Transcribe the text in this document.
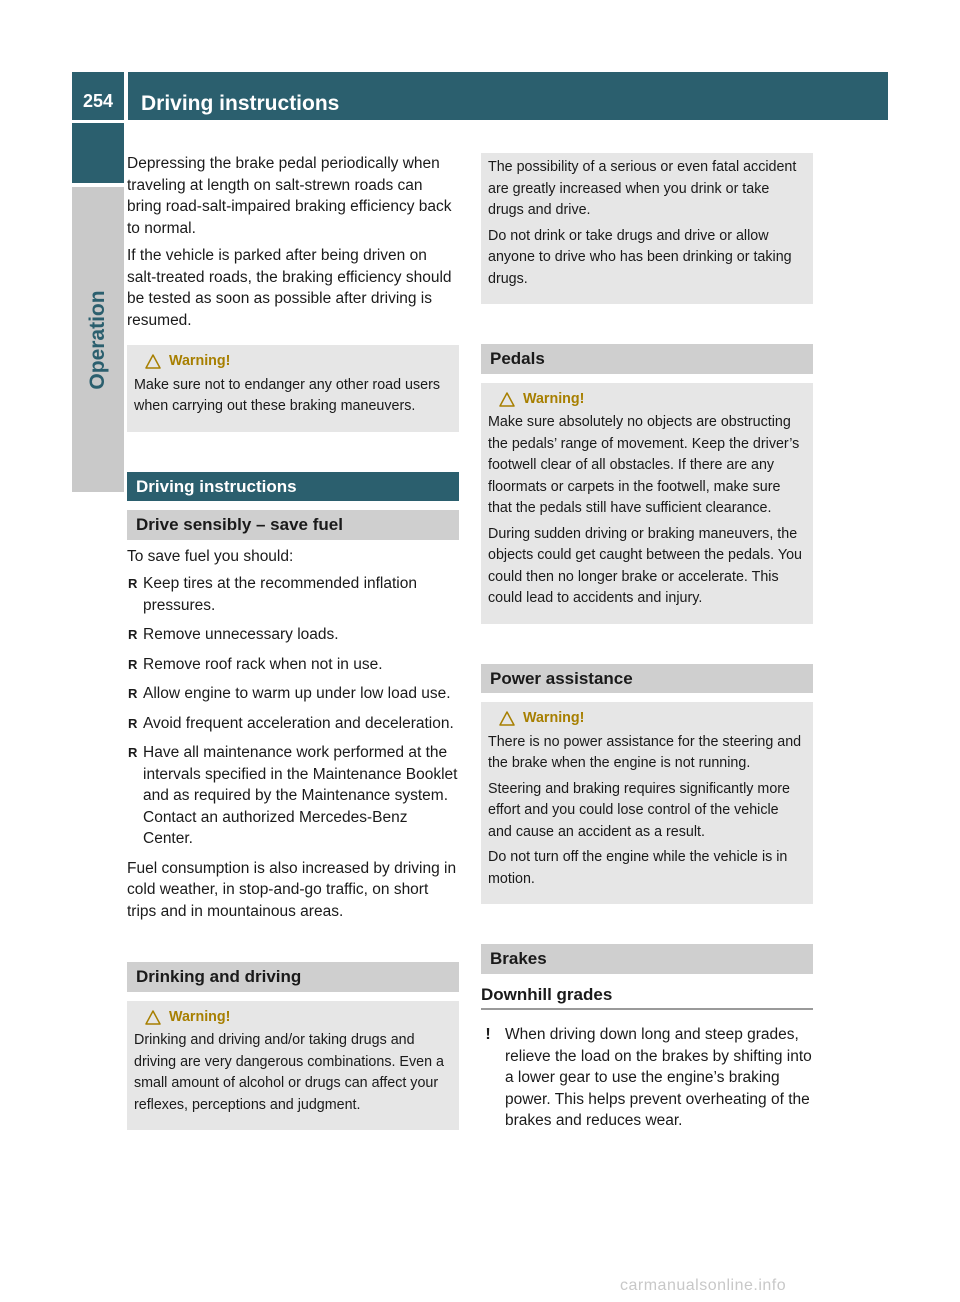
254	Driving instructions
Operation

Depressing the brake pedal periodically when traveling at length on salt-strewn roads can bring road-salt-impaired braking efficiency back to normal.

If the vehicle is parked after being driven on salt-treated roads, the braking efficiency should be tested as soon as possible after driving is resumed.

Warning!

Make sure not to endanger any other road users when carrying out these braking maneuvers.

Driving instructions
Drive sensibly – save fuel

To save fuel you should:

R Keep tires at the recommended inflation pressures.
R Remove unnecessary loads.
R Remove roof rack when not in use.
R Allow engine to warm up under low load use.
R Avoid frequent acceleration and deceleration.
R Have all maintenance work performed at the intervals specified in the Maintenance Booklet and as required by the Maintenance system. Contact an authorized Mercedes-Benz Center.

Fuel consumption is also increased by driving in cold weather, in stop-and-go traffic, on short trips and in mountainous areas.

Drinking and driving
Warning!

Drinking and driving and/or taking drugs and driving are very dangerous combinations. Even a small amount of alcohol or drugs can affect your reflexes, perceptions and judgment.

The possibility of a serious or even fatal accident are greatly increased when you drink or take drugs and drive.

Do not drink or take drugs and drive or allow anyone to drive who has been drinking or taking drugs.

Pedals
Warning!

Make sure absolutely no objects are obstructing the pedals’ range of movement. Keep the driver’s footwell clear of all obstacles. If there are any floormats or carpets in the footwell, make sure that the pedals still have sufficient clearance.

During sudden driving or braking maneuvers, the objects could get caught between the pedals. You could then no longer brake or accelerate. This could lead to accidents and injury.

Power assistance
Warning!

There is no power assistance for the steering and the brake when the engine is not running.

Steering and braking requires significantly more effort and you could lose control of the vehicle and cause an accident as a result.

Do not turn off the engine while the vehicle is in motion.

Brakes
Downhill grades
! When driving down long and steep grades, relieve the load on the brakes by shifting into a lower gear to use the engine’s braking power. This helps prevent overheating of the brakes and reduces wear.
carmanualsonline.info
